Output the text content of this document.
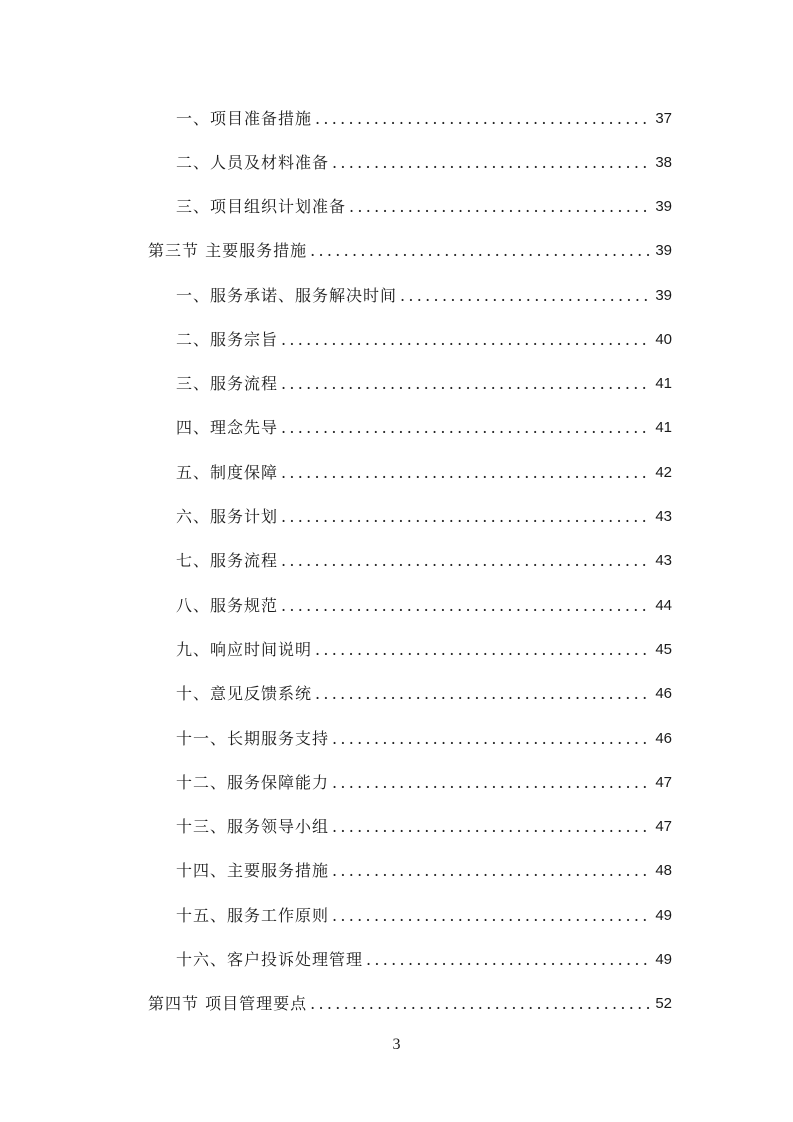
一、项目准备措施 .....	37
二、人员及材料准备 .....	38
三、项目组织计划准备 .....	39
第三节 主要服务措施 .....	39
一、服务承诺、服务解决时间 .....	39
二、服务宗旨 .....	40
三、服务流程 .....	41
四、理念先导 .....	41
五、制度保障 .....	42
六、服务计划 .....	43
七、服务流程 .....	43
八、服务规范 .....	44
九、响应时间说明 .....	45
十、意见反馈系统 .....	46
十一、长期服务支持 .....	46
十二、服务保障能力 .....	47
十三、服务领导小组 .....	47
十四、主要服务措施 .....	48
十五、服务工作原则 .....	49
十六、客户投诉处理管理 .....	49
第四节 项目管理要点 .....	52
3
